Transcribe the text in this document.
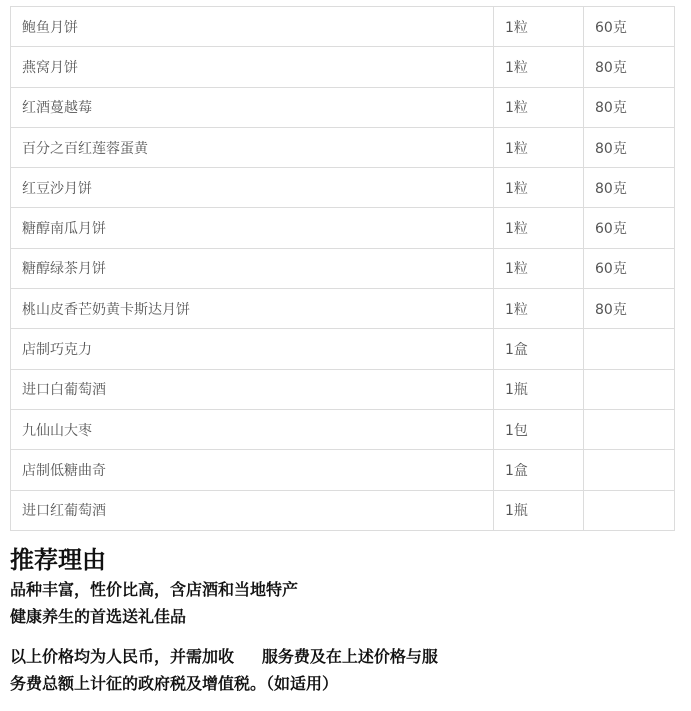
鲍鱼月饼	1粒	60克
燕窝月饼	1粒	80克
红酒蔓越莓	1粒	80克
百分之百红莲蓉蛋黄	1粒	80克
红豆沙月饼	1粒	80克
糖醇南瓜月饼	1粒	60克
糖醇绿茶月饼	1粒	60克
桃山皮香芒奶黄卡斯达月饼	1粒	80克
店制巧克力	1盒	
进口白葡萄酒	1瓶	
九仙山大枣	1包	
店制低糖曲奇	1盒	
进口红葡萄酒	1瓶	

推荐理由

品种丰富，性价比高，含店酒和当地特产

健康养生的首选送礼佳品

以上价格均为人民币，并需加收     服务费及在上述价格与服

务费总额上计征的政府税及增值税。（如适用）
